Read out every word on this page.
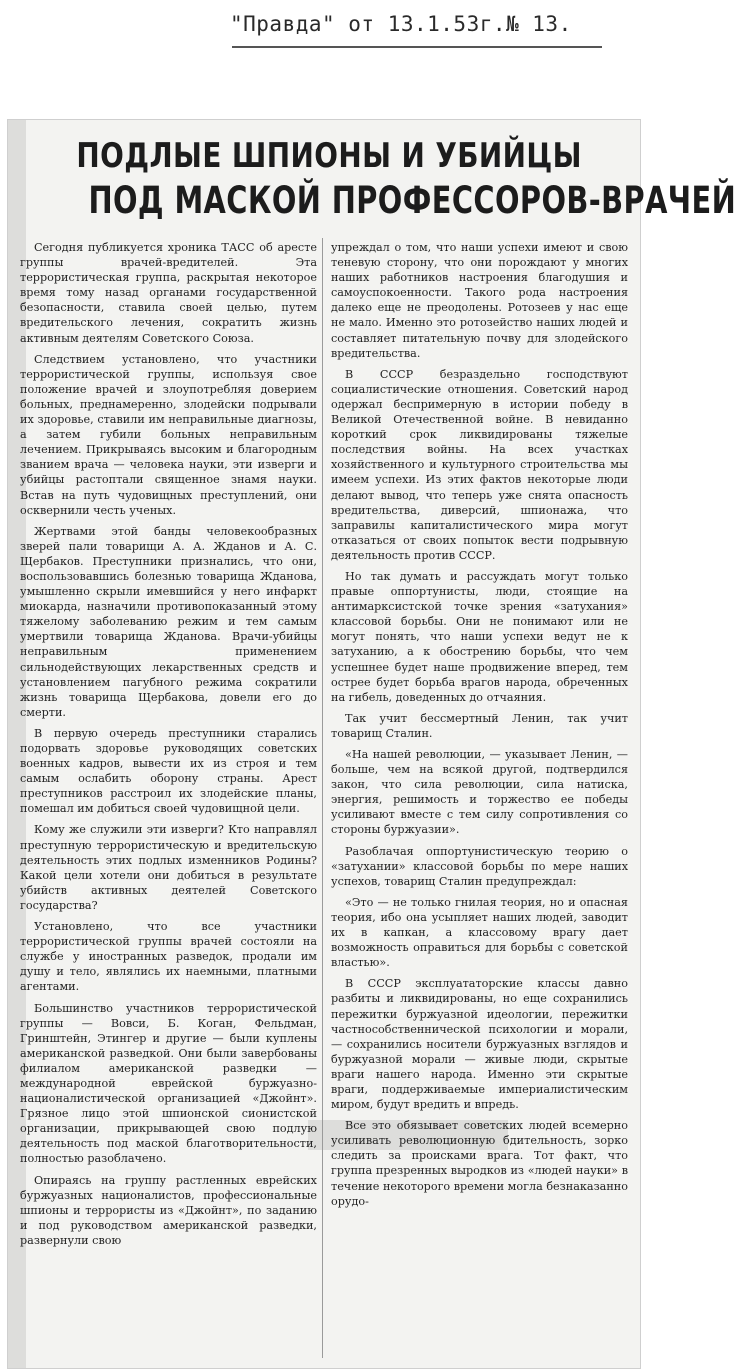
"Правда" от 13.1.53г.№ 13.
ПОДЛЫЕ ШПИОНЫ И УБИЙЦЫ
ПОД МАСКОЙ ПРОФЕССОРОВ-ВРАЧЕЙ

Сегодня публикуется хроника ТАСС об аресте группы врачей-вредителей. Эта террористическая группа, раскрытая некоторое время тому назад органами государственной безопасности, ставила своей целью, путем вредительского лечения, сократить жизнь активным деятелям Советского Союза.

Следствием установлено, что участники террористической группы, используя свое положение врачей и злоупотребляя доверием больных, преднамеренно, злодейски подрывали их здоровье, ставили им неправильные диагнозы, а затем губили больных неправильным лечением. Прикрываясь высоким и благородным званием врача — человека науки, эти изверги и убийцы растоптали священное знамя науки. Встав на путь чудовищных преступлений, они осквернили честь ученых.

Жертвами этой банды человекообразных зверей пали товарищи А. А. Жданов и А. С. Щербаков. Преступники признались, что они, воспользовавшись болезнью товарища Жданова, умышленно скрыли имевшийся у него инфаркт миокарда, назначили противопоказанный этому тяжелому заболеванию режим и тем самым умертвили товарища Жданова. Врачи-убийцы неправильным применением сильнодействующих лекарственных средств и установлением пагубного режима сократили жизнь товарища Щербакова, довели его до смерти.

В первую очередь преступники старались подорвать здоровье руководящих советских военных кадров, вывести их из строя и тем самым ослабить оборону страны. Арест преступников расстроил их злодейские планы, помешал им добиться своей чудовищной цели.

Кому же служили эти изверги? Кто направлял преступную террористическую и вредительскую деятельность этих подлых изменников Родины? Какой цели хотели они добиться в результате убийств активных деятелей Советского государства?

Установлено, что все участники террористической группы врачей состояли на службе у иностранных разведок, продали им душу и тело, являлись их наемными, платными агентами.

Большинство участников террористической группы — Вовси, Б. Коган, Фельдман, Гринштейн, Этингер и другие — были куплены американской разведкой. Они были завербованы филиалом американской разведки — международной еврейской буржуазно-националистической организацией «Джойнт». Грязное лицо этой шпионской сионистской организации, прикрывающей свою подлую деятельность под маской благотворительности, полностью разоблачено.

Опираясь на группу растленных еврейских буржуазных националистов, профессиональные шпионы и террористы из «Джойнт», по заданию и под руководством американской разведки, развернули свою

упреждал о том, что наши успехи имеют и свою теневую сторону, что они порождают у многих наших работников настроения благодушия и самоуспокоенности. Такого рода настроения далеко еще не преодолены. Ротозеев у нас еще не мало. Именно это ротозейство наших людей и составляет питательную почву для злодейского вредительства.

В СССР безраздельно господствуют социалистические отношения. Советский народ одержал беспримерную в истории победу в Великой Отечественной войне. В невиданно короткий срок ликвидированы тяжелые последствия войны. На всех участках хозяйственного и культурного строительства мы имеем успехи. Из этих фактов некоторые люди делают вывод, что теперь уже снята опасность вредительства, диверсий, шпионажа, что заправилы капиталистического мира могут отказаться от своих попыток вести подрывную деятельность против СССР.

Но так думать и рассуждать могут только правые оппортунисты, люди, стоящие на антимарксистской точке зрения «затухания» классовой борьбы. Они не понимают или не могут понять, что наши успехи ведут не к затуханию, а к обострению борьбы, что чем успешнее будет наше продвижение вперед, тем острее будет борьба врагов народа, обреченных на гибель, доведенных до отчаяния.

Так учит бессмертный Ленин, так учит товарищ Сталин.

«На нашей революции, — указывает Ленин, — больше, чем на всякой другой, подтвердился закон, что сила революции, сила натиска, энергия, решимость и торжество ее победы усиливают вместе с тем силу сопротивления со стороны буржуазии».

Разоблачая оппортунистическую теорию о «затухании» классовой борьбы по мере наших успехов, товарищ Сталин предупреждал:

«Это — не только гнилая теория, но и опасная теория, ибо она усыпляет наших людей, заводит их в капкан, а классовому врагу дает возможность оправиться для борьбы с советской властью».

В СССР эксплуататорские классы давно разбиты и ликвидированы, но еще сохранились пережитки буржуазной идеологии, пережитки частнособственнической психологии и морали, — сохранились носители буржуазных взглядов и буржуазной морали — живые люди, скрытые враги нашего народа. Именно эти скрытые враги, поддерживаемые империалистическим миром, будут вредить и впредь.

Все это обязывает советских людей всемерно усиливать революционную бдительность, зорко следить за происками врага. Тот факт, что группа презренных выродков из «людей науки» в течение некоторого времени могла безнаказанно орудо-
